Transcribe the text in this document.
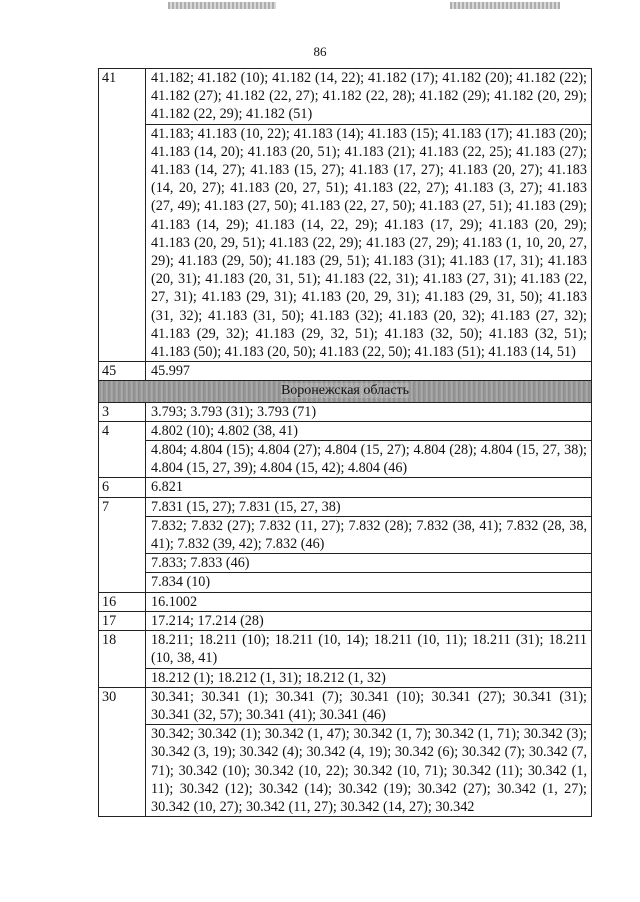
86
41	41.182; 41.182 (10); 41.182 (14, 22); 41.182 (17); 41.182 (20); 41.182 (22); 41.182 (27); 41.182 (22, 27); 41.182 (22, 28); 41.182 (29); 41.182 (20, 29); 41.182 (22, 29); 41.182 (51)
	41.183; 41.183 (10, 22); 41.183 (14); 41.183 (15); 41.183 (17); 41.183 (20); 41.183 (14, 20); 41.183 (20, 51); 41.183 (21); 41.183 (22, 25); 41.183 (27); 41.183 (14, 27); 41.183 (15, 27); 41.183 (17, 27); 41.183 (20, 27); 41.183 (14, 20, 27); 41.183 (20, 27, 51); 41.183 (22, 27); 41.183 (3, 27); 41.183 (27, 49); 41.183 (27, 50); 41.183 (22, 27, 50); 41.183 (27, 51); 41.183 (29); 41.183 (14, 29); 41.183 (14, 22, 29); 41.183 (17, 29); 41.183 (20, 29); 41.183 (20, 29, 51); 41.183 (22, 29); 41.183 (27, 29); 41.183 (1, 10, 20, 27, 29); 41.183 (29, 50); 41.183 (29, 51); 41.183 (31); 41.183 (17, 31); 41.183 (20, 31); 41.183 (20, 31, 51); 41.183 (22, 31); 41.183 (27, 31); 41.183 (22, 27, 31); 41.183 (29, 31); 41.183 (20, 29, 31); 41.183 (29, 31, 50); 41.183 (31, 32); 41.183 (31, 50); 41.183 (32); 41.183 (20, 32); 41.183 (27, 32); 41.183 (29, 32); 41.183 (29, 32, 51); 41.183 (32, 50); 41.183 (32, 51); 41.183 (50); 41.183 (20, 50); 41.183 (22, 50); 41.183 (51); 41.183 (14, 51)
45	45.997
Воронежская область	
3	3.793; 3.793 (31); 3.793 (71)
4	4.802 (10); 4.802 (38, 41)
	4.804; 4.804 (15); 4.804 (27); 4.804 (15, 27); 4.804 (28); 4.804 (15, 27, 38); 4.804 (15, 27, 39); 4.804 (15, 42); 4.804 (46)
6	6.821
7	7.831 (15, 27); 7.831 (15, 27, 38)
	7.832; 7.832 (27); 7.832 (11, 27); 7.832 (28); 7.832 (38, 41); 7.832 (28, 38, 41); 7.832 (39, 42); 7.832 (46)
	7.833; 7.833 (46)
	7.834 (10)
16	16.1002
17	17.214; 17.214 (28)
18	18.211; 18.211 (10); 18.211 (10, 14); 18.211 (10, 11); 18.211 (31); 18.211 (10, 38, 41)
	18.212 (1); 18.212 (1, 31); 18.212 (1, 32)
30	30.341; 30.341 (1); 30.341 (7); 30.341 (10); 30.341 (27); 30.341 (31); 30.341 (32, 57); 30.341 (41); 30.341 (46)
	30.342; 30.342 (1); 30.342 (1, 47); 30.342 (1, 7); 30.342 (1, 71); 30.342 (3); 30.342 (3, 19); 30.342 (4); 30.342 (4, 19); 30.342 (6); 30.342 (7); 30.342 (7, 71); 30.342 (10); 30.342 (10, 22); 30.342 (10, 71); 30.342 (11); 30.342 (1, 11); 30.342 (12); 30.342 (14); 30.342 (19); 30.342 (27); 30.342 (1, 27); 30.342 (10, 27); 30.342 (11, 27); 30.342 (14, 27); 30.342
